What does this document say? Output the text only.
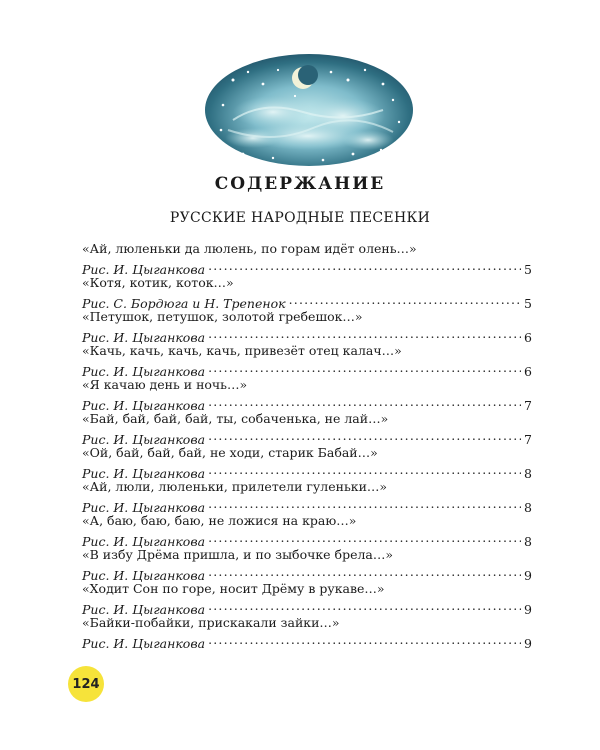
СОДЕРЖАНИЕ
РУССКИЕ НАРОДНЫЕ ПЕСЕНКИ
«Ай, люленьки да люлень, по горам идёт олень…»
Рис. И. Цыганкова .....	5
«Котя, котик, коток…»
Рис. С. Бордюга и Н. Трепенок .....	5
«Петушок, петушок, золотой гребешок…»
Рис. И. Цыганкова .....	6
«Качь, качь, качь, качь, привезёт отец калач…»
Рис. И. Цыганкова .....	6
«Я качаю день и ночь…»
Рис. И. Цыганкова .....	7
«Бай, бай, бай, бай, ты, собаченька, не лай…»
Рис. И. Цыганкова .....	7
«Ой, бай, бай, бай, не ходи, старик Бабай…»
Рис. И. Цыганкова .....	8
«Ай, люли, люленьки, прилетели гуленьки…»
Рис. И. Цыганкова .....	8
«А, баю, баю, баю, не ложися на краю…»
Рис. И. Цыганкова .....	8
«В избу Дрёма пришла, и по зыбочке брела…»
Рис. И. Цыганкова .....	9
«Ходит Сон по горе, носит Дрёму в рукаве…»
Рис. И. Цыганкова .....	9
«Байки-побайки, прискакали зайки…»
Рис. И. Цыганкова .....	9
124
